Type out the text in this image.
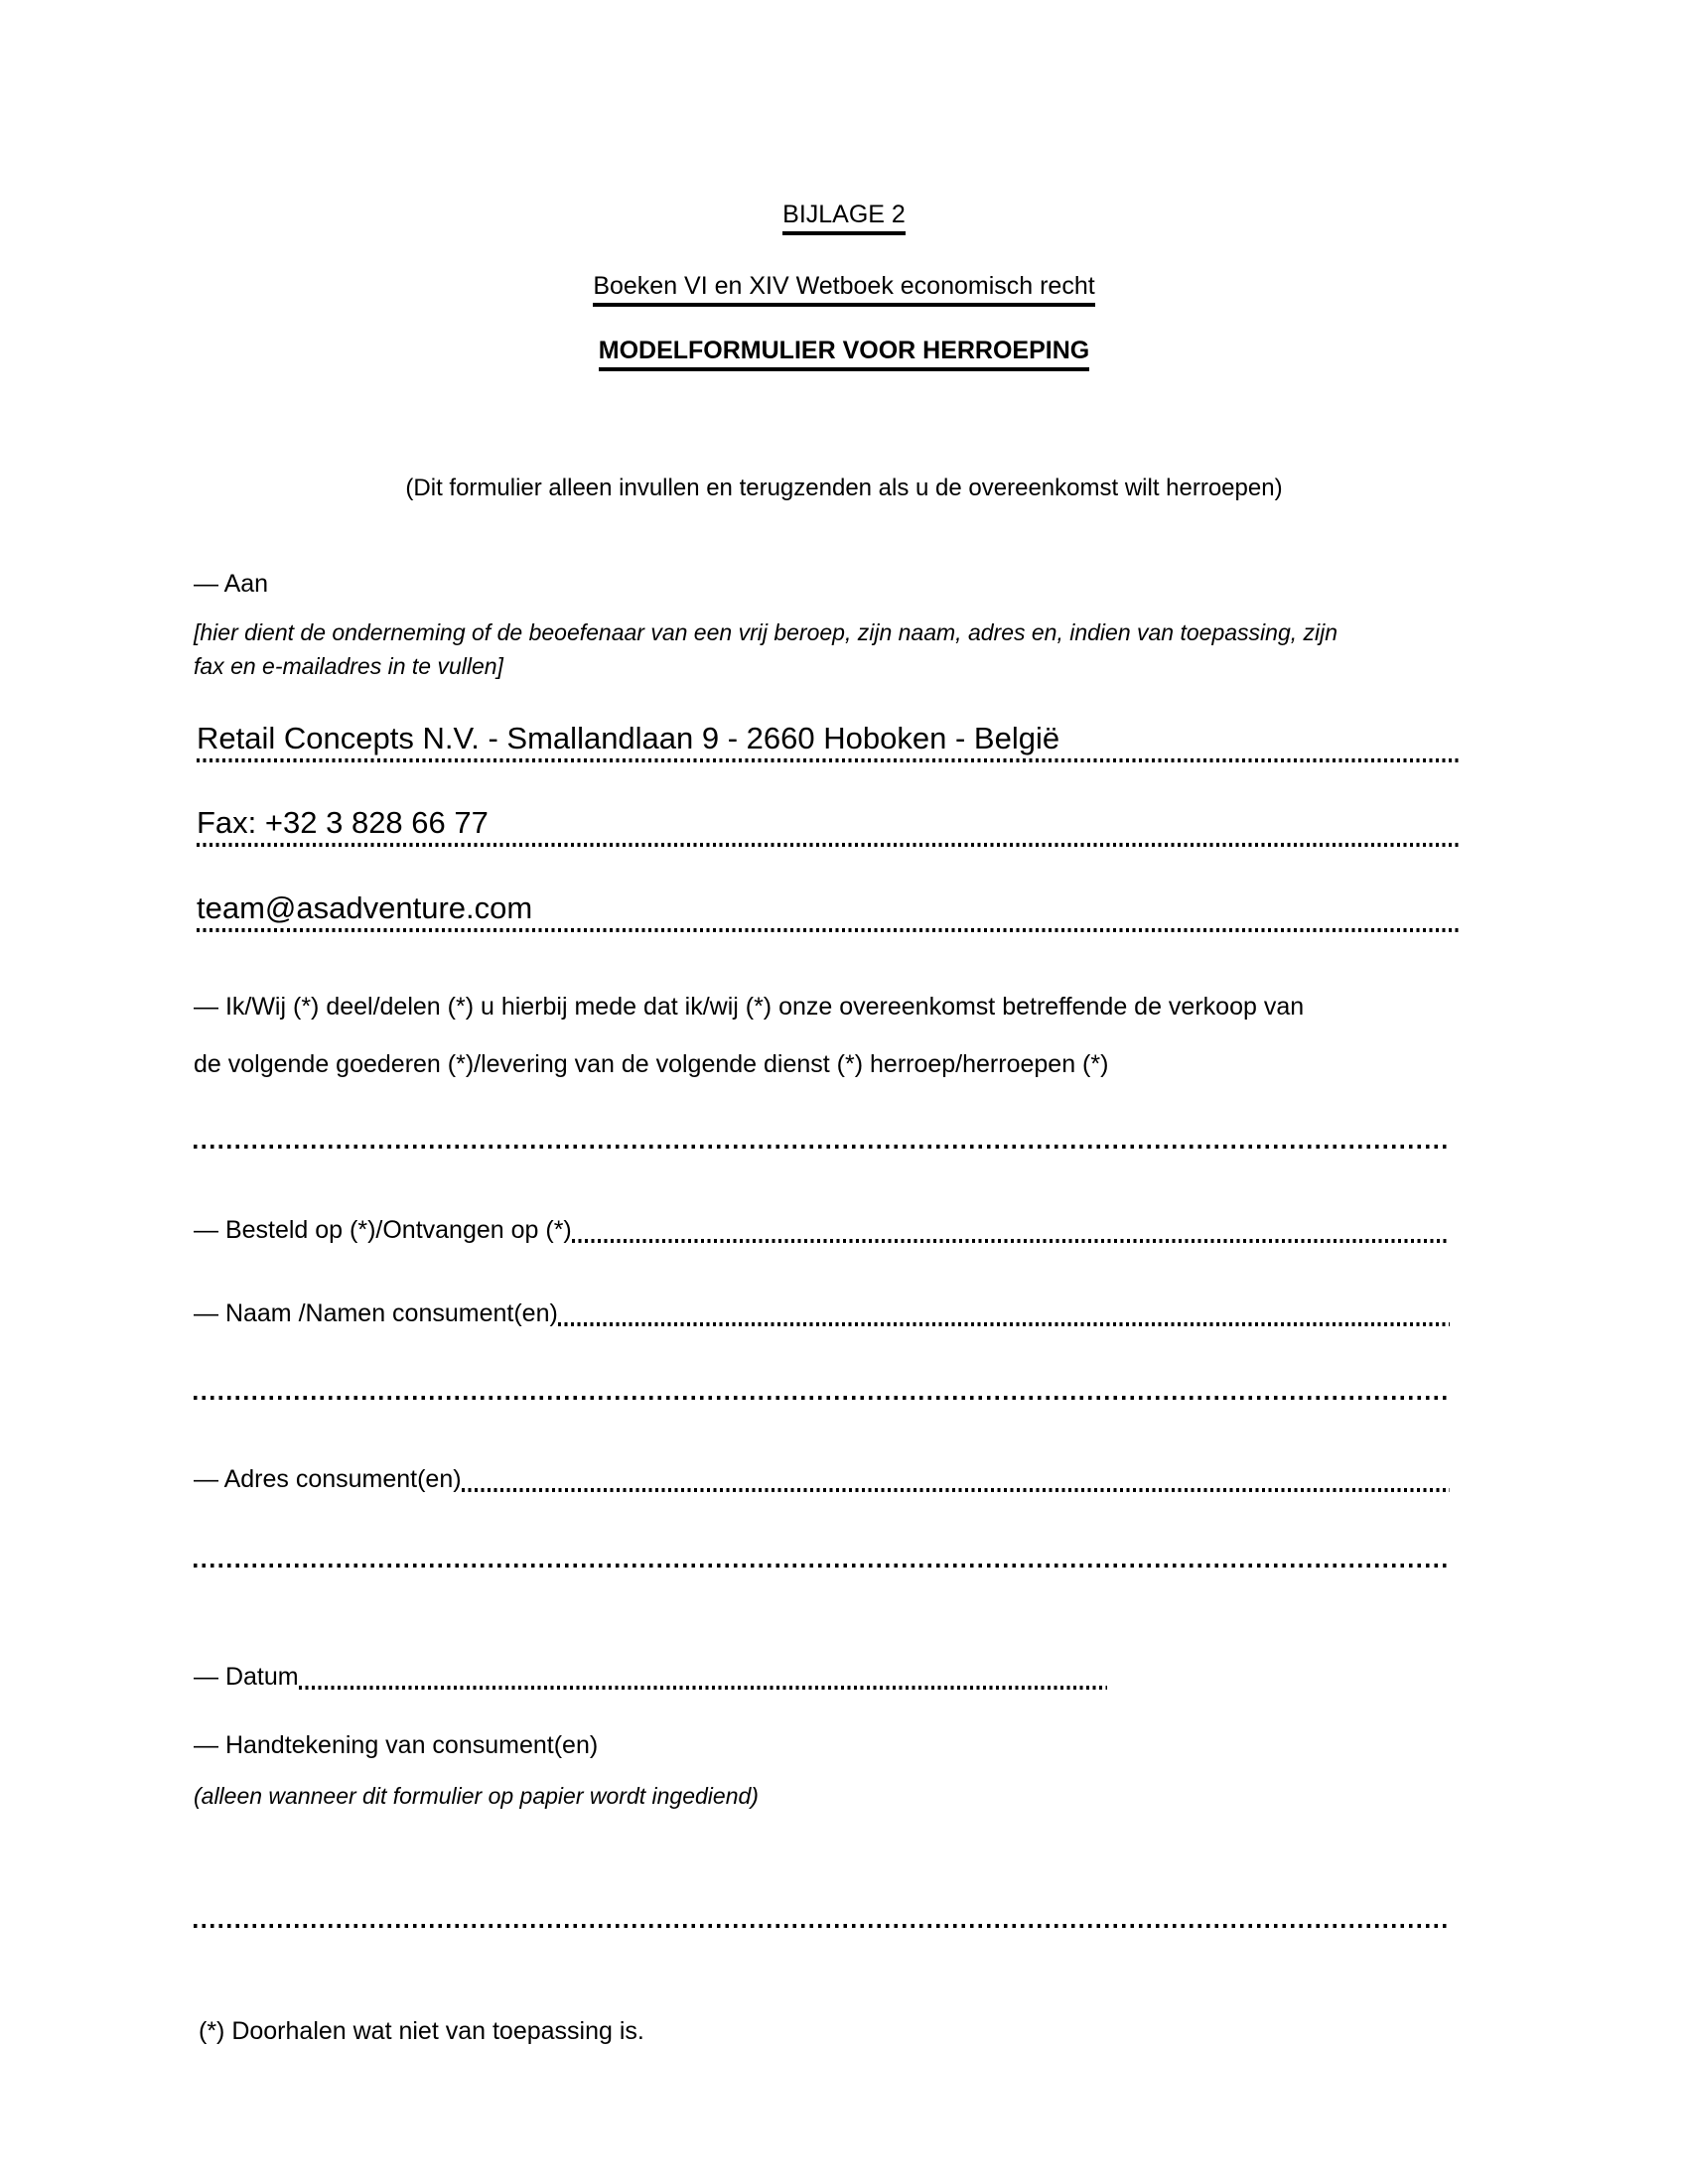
BIJLAGE 2
Boeken VI en XIV Wetboek economisch recht
MODELFORMULIER VOOR HERROEPING
(Dit formulier alleen invullen en terugzenden als u de overeenkomst wilt herroepen)
— Aan
[hier dient de onderneming of de beoefenaar van een vrij beroep, zijn naam, adres en, indien van toepassing, zijn
fax en e-mailadres in te vullen]
Retail Concepts N.V. - Smallandlaan 9 - 2660 Hoboken - België
Fax: +32 3 828 66 77
team@asadventure.com
— Ik/Wij (*) deel/delen (*) u hierbij mede dat ik/wij (*) onze overeenkomst betreffende de verkoop van
de volgende goederen (*)/levering van de volgende dienst (*) herroep/herroepen (*)
— Besteld op (*)/Ontvangen op (*)
— Naam /Namen consument(en)
— Adres consument(en)
— Datum
— Handtekening van consument(en)
(alleen wanneer dit formulier op papier wordt ingediend)
(*) Doorhalen wat niet van toepassing is.
